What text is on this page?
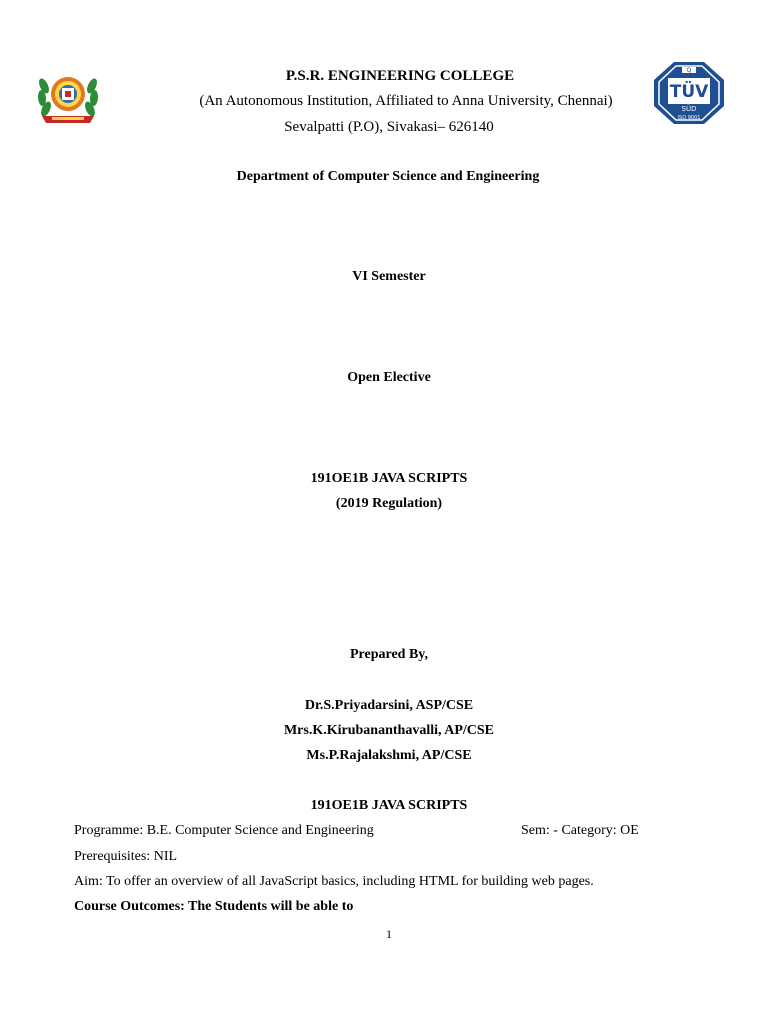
Q
TÜV
SÜD
ISO 9001
P.S.R. ENGINEERING COLLEGE
(An Autonomous Institution, Affiliated to Anna University, Chennai)
Sevalpatti (P.O), Sivakasi– 626140
Department of Computer Science and Engineering
VI Semester
Open Elective
191OE1B JAVA SCRIPTS
(2019 Regulation)
Prepared By,
Dr.S.Priyadarsini, ASP/CSE
Mrs.K.Kirubananthavalli, AP/CSE
Ms.P.Rajalakshmi, AP/CSE
191OE1B JAVA SCRIPTS
Programme: B.E. Computer Science and Engineering	Sem: - Category: OE
Prerequisites: NIL
Aim: To offer an overview of all JavaScript basics, including HTML for building web pages.
Course Outcomes: The Students will be able to
1
